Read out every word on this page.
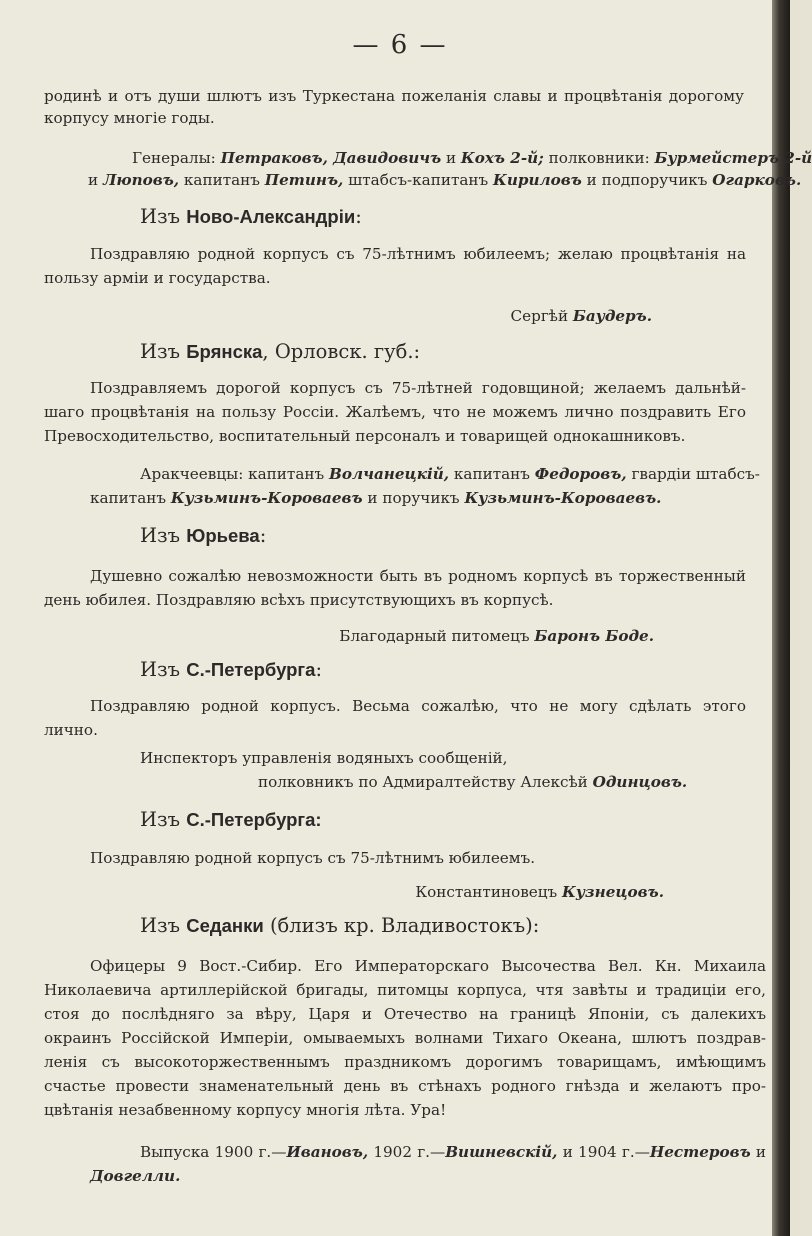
— 6 —

родинѣ и отъ души шлютъ изъ Туркестана пожеланія славы и процвѣтанія дорогому

корпусу многіе годы.

Генералы: Петраковъ, Давидовичъ и Кохъ 2-й; полковники: Бурмейстеръ 2-й

и Люповъ, капитанъ Петинъ, штабсъ-капитанъ Кириловъ и подпоручикъ Огарковъ.

Изъ Ново-Александріи:

Поздравляю родной корпусъ съ 75-лѣтнимъ юбилеемъ; желаю процвѣтанія на

пользу арміи и государства.

Сергѣй Баудеръ.

Изъ Брянска, Орловск. губ.:

Поздравляемъ дорогой корпусъ съ 75-лѣтней годовщиной; желаемъ дальнѣй-

шаго процвѣтанія на пользу Россіи. Жалѣемъ, что не можемъ лично поздравить Его

Превосходительство, воспитательный персоналъ и товарищей однокашниковъ.

Аракчеевцы: капитанъ Волчанецкій, капитанъ Федоровъ, гвардіи штабсъ-

капитанъ Кузьминъ-Короваевъ и поручикъ Кузьминъ-Короваевъ.

Изъ Юрьева:

Душевно сожалѣю невозможности быть въ родномъ корпусѣ въ торжественный

день юбилея. Поздравляю всѣхъ присутствующихъ въ корпусѣ.

Благодарный питомецъ Баронъ Боде.

Изъ С.-Петербурга:

Поздравляю родной корпусъ. Весьма сожалѣю, что не могу сдѣлать этого

лично.

Инспекторъ управленія водяныхъ сообщеній,

полковникъ по Адмиралтейству Алексѣй Одинцовъ.

Изъ С.-Петербурга:

Поздравляю родной корпусъ съ 75-лѣтнимъ юбилеемъ.

Константиновецъ Кузнецовъ.

Изъ Седанки (близъ кр. Владивостокъ):

Офицеры 9 Вост.-Сибир. Его Императорскаго Высочества Вел. Кн. Михаила

Николаевича артиллерійской бригады, питомцы корпуса, чтя завѣты и традиціи его,

стоя до послѣдняго за вѣру, Царя и Отечество на границѣ Японіи, съ далекихъ

окраинъ Россійской Имперіи, омываемыхъ волнами Тихаго Океана, шлютъ поздрав-

ленія съ высокоторжественнымъ праздникомъ дорогимъ товарищамъ, имѣющимъ

счастье провести знаменательный день въ стѣнахъ родного гнѣзда и желаютъ про-

цвѣтанія незабвенному корпусу многія лѣта. Ура!

Выпуска 1900 г.—Ивановъ, 1902 г.—Вишневскій, и 1904 г.—Нестеровъ и

Довгелли.
